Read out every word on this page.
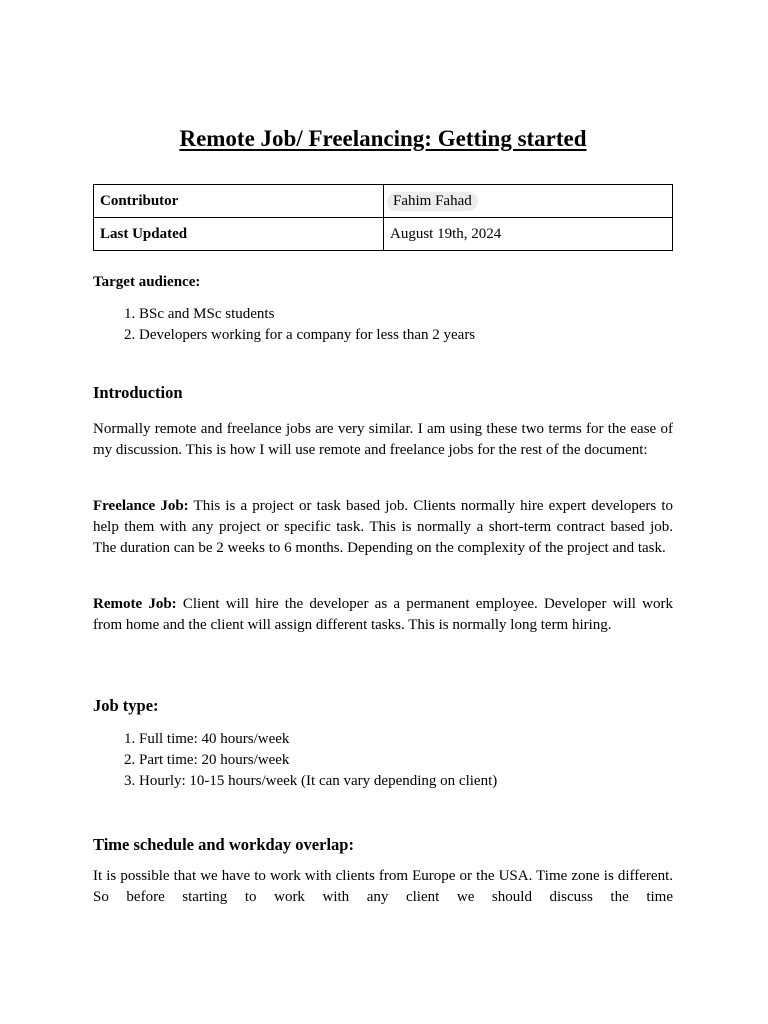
Remote Job/ Freelancing: Getting started
Contributor	Fahim Fahad
Last Updated	August 19th, 2024
Target audience:
1. BSc and MSc students
2. Developers working for a company for less than 2 years
Introduction

Normally remote and freelance jobs are very similar. I am using these two terms for the ease of my discussion. This is how I will use remote and freelance jobs for the rest of the document:

Freelance Job: This is a project or task based job. Clients normally hire expert developers to help them with any project or specific task. This is normally a short-term contract based job. The duration can be 2 weeks to 6 months. Depending on the complexity of the project and task.

Remote Job: Client will hire the developer as a permanent employee. Developer will work from home and the client will assign different tasks. This is normally long term hiring.

Job type:
1. Full time: 40 hours/week
2. Part time: 20 hours/week
3. Hourly: 10-15 hours/week (It can vary depending on client)
Time schedule and workday overlap:

It is possible that we have to work with clients from Europe or the USA. Time zone is different. So before starting to work with any client we should discuss the time
